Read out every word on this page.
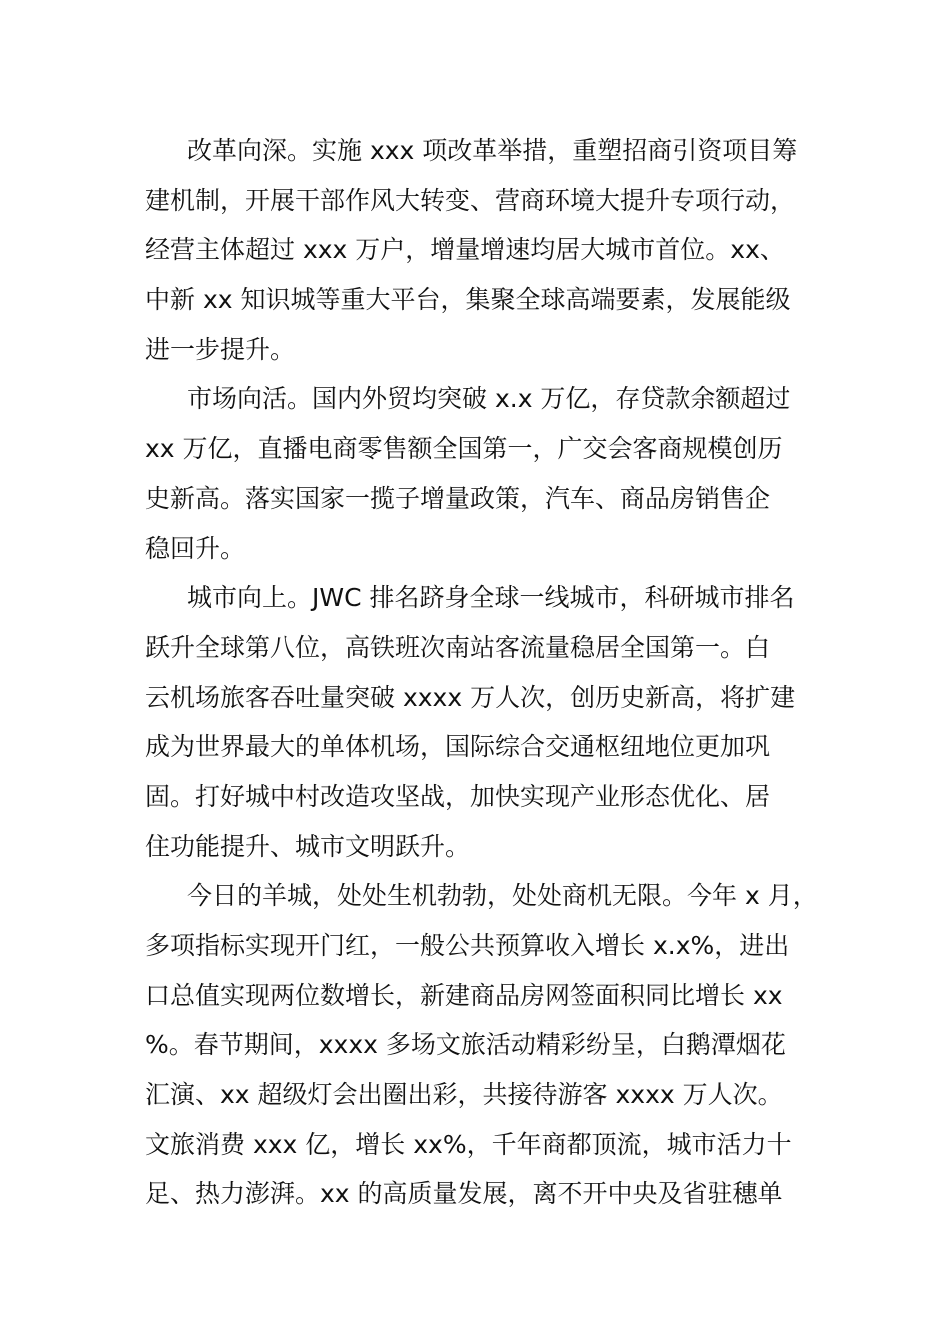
改革向深。实施 xxx 项改革举措，重塑招商引资项目筹
建机制，开展干部作风大转变、营商环境大提升专项行动，
经营主体超过 xxx 万户，增量增速均居大城市首位。xx、
中新 xx 知识城等重大平台，集聚全球高端要素，发展能级
进一步提升。
市场向活。国内外贸均突破 x.x 万亿，存贷款余额超过
xx 万亿，直播电商零售额全国第一，广交会客商规模创历
史新高。落实国家一揽子增量政策，汽车、商品房销售企
稳回升。
城市向上。JWC 排名跻身全球一线城市，科研城市排名
跃升全球第八位，高铁班次南站客流量稳居全国第一。白
云机场旅客吞吐量突破 xxxx 万人次，创历史新高，将扩建
成为世界最大的单体机场，国际综合交通枢纽地位更加巩
固。打好城中村改造攻坚战，加快实现产业形态优化、居
住功能提升、城市文明跃升。
今日的羊城，处处生机勃勃，处处商机无限。今年 x 月，
多项指标实现开门红，一般公共预算收入增长 x.x%，进出
口总值实现两位数增长，新建商品房网签面积同比增长 xx
%。春节期间，xxxx 多场文旅活动精彩纷呈，白鹅潭烟花
汇演、xx 超级灯会出圈出彩，共接待游客 xxxx 万人次。
文旅消费 xxx 亿，增长 xx%，千年商都顶流，城市活力十
足、热力澎湃。xx 的高质量发展，离不开中央及省驻穗单
